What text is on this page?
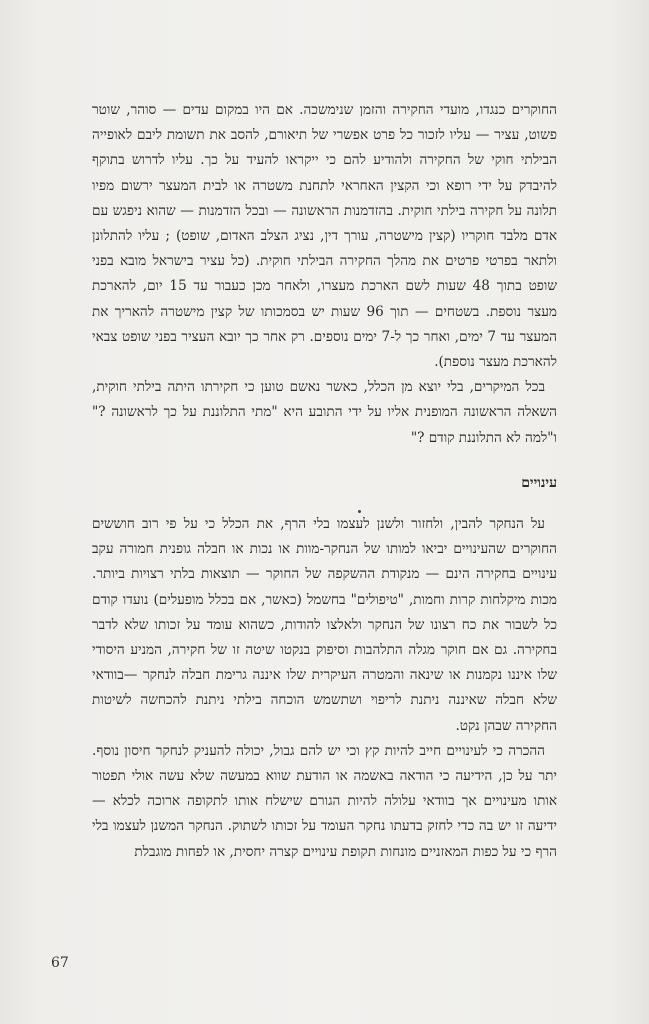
החוקרים כנגדו, מועדי החקירה והזמן שנימשכה. אם היו במקום עדים — סוהר, שוטר פשוט, עציר — עליו לזכור כל פרט אפשרי של תיאורם, להסב את תשומת ליבם לאופייה הבילתי חוקי של החקירה ולהודיע להם כי ייקראו להעיד על כך. עליו לדרוש בתוקף להיבדק על ידי רופא וכי הקצין האחראי לתחנת משטרה או לבית המעצר ירשום מפיו תלונה על חקירה בילתי חוקית. בהזדמנות הראשונה — ובכל הזדמנות — שהוא ניפגש עם אדם מלבד חוקריו (קצין מישטרה, עורך דין, נציג הצלב האדום, שופט) ; עליו להתלונן ולתאר בפרטי פרטים את מהלך החקירה הבילתי חוקית. (כל עציר בישראל מובא בפני שופט בתוך 48 שעות לשם הארכת מעצרו, ולאחר מכן כעבור עד 15 יום, להארכת מעצר נוספת. בשטחים — תוך 96 שעות יש בסמכותו של קצין מישטרה להאריך את המעצר עד 7 ימים, ואחר כך ל-7 ימים נוספים. רק אחר כך יובא העציר בפני שופט צבאי להארכת מעצר נוספת).

בכל המיקרים, בלי יוצא מן הכלל, כאשר נאשם טוען כי חקירתו היתה בילתי חוקית, השאלה הראשונה המופנית אליו על ידי התובע היא "מתי התלוננת על כך לראשונה ?" ו"למה לא התלוננת קודם ?"

עינויים

על הנחקר להבין, ולחזור ולשנן לעצמו בלי הרף, את הכלל כי על פי רוב חוששים החוקרים שהעינויים יביאו למותו של הנחקר-מוות או נכות או חבלה גופנית חמורה עקב עינויים בחקירה הינם — מנקודת ההשקפה של החוקר — תוצאות בלתי רצויות ביותר. מכות מיקלחות קרות וחמות, "טיפולים" בחשמל (כאשר, אם בכלל מופעלים) נועדו קודם כל לשבור את כח רצונו של הנחקר ולאלצו להודות, כשהוא עומד על זכותו שלא לדבר בחקירה. גם אם חוקר מגלה התלהבות וסיפוק בנקטו שיטה זו של חקירה, המניע היסודי שלו איננו נקמנות או שינאה והמטרה העיקרית שלו איננה גרימת חבלה לנחקר —בוודאי שלא חבלה שאיננה ניתנת לריפוי ושתשמש הוכחה בילתי ניתנת להכחשה לשיטות החקירה שבהן נקט.

ההכרה כי לעינויים חייב להיות קץ וכי יש להם גבול, יכולה להעניק לנחקר חיסון נוסף. יתר על כן, הידיעה כי הודאה באשמה או הודעת שווא במעשה שלא עשה אולי תפטור אותו מעינויים אך בוודאי עלולה להיות הגורם שישלח אותו לתקופה ארוכה לכלא — ידיעה זו יש בה כדי לחזק בדעתו נחקר העומד על זכותו לשתוק. הנחקר המשנן לעצמו בלי הרף כי על כפות המאזניים מונחות תקופת עינויים קצרה יחסית, או לפחות מוגבלת

67
